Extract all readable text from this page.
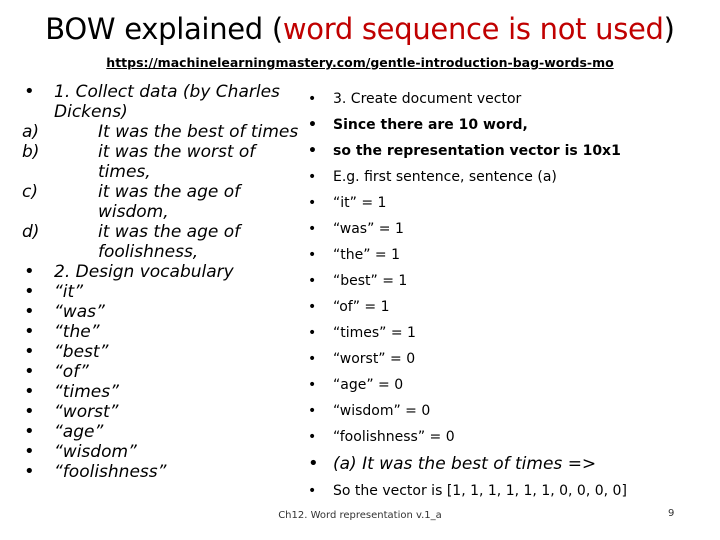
BOW explained (word sequence is not used)
https://machinelearningmastery.com/gentle-introduction-bag-words-mo
•	1. Collect data (by Charles
Dickens)
a)	It was the best of times
b)	it was the worst of times,
c)	it was the age of wisdom,
d)	it was the age of
foolishness,
•	2. Design vocabulary
•	“it”
•	“was”
•	“the”
•	“best”
•	“of”
•	“times”
•	“worst”
•	“age”
•	“wisdom”
•	“foolishness”
•	3. Create document vector
•	Since there are 10 word,
•	so the representation vector is 10x1
•	E.g. first sentence, sentence (a)
•	“it” = 1
•	“was” = 1
•	“the” = 1
•	“best” = 1
•	“of” = 1
•	“times” = 1
•	“worst” = 0
•	“age” = 0
•	“wisdom” = 0
•	“foolishness” = 0
• (a) It was the best of times =>
•	So the vector is [1, 1, 1, 1, 1, 1, 0, 0, 0, 0]
Ch12. Word representation v.1_a	9
